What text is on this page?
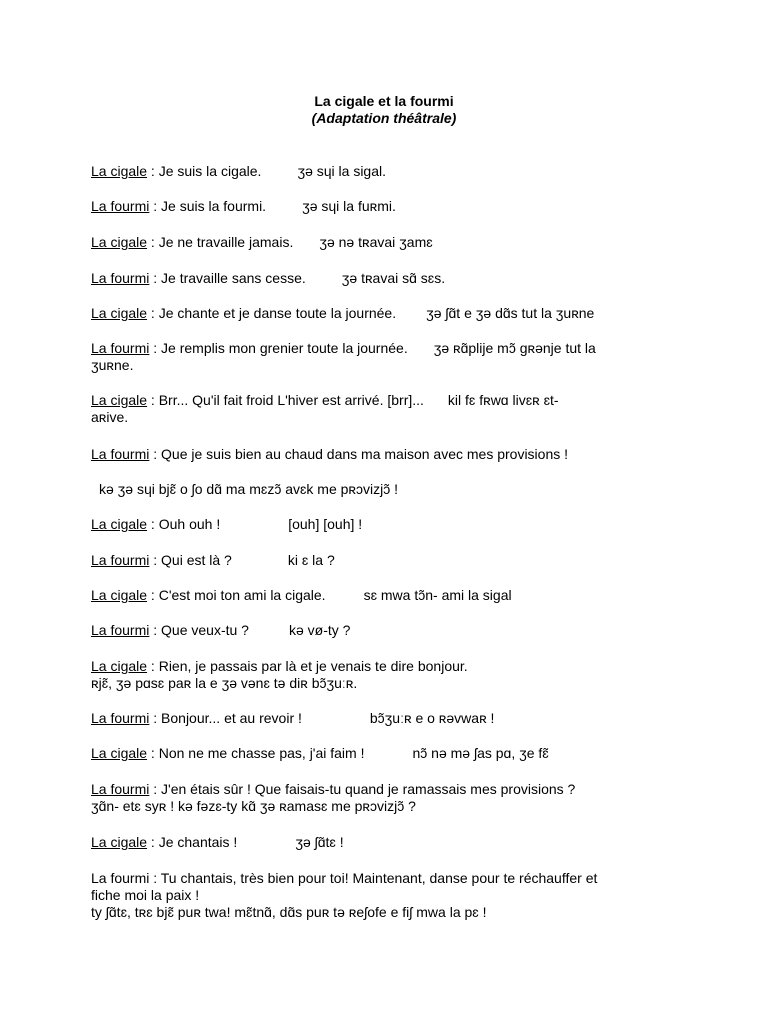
La cigale et la fourmi
(Adaptation théâtrale)
La cigale : Je suis la cigale.	ʒə sɥi la sigal.
La fourmi : Je suis la fourmi.	ʒə sɥi la fuʀmi.
La cigale : Je ne travaille jamais. ʒə nə tʀavai ʒamɛ
La fourmi : Je travaille sans cesse.	ʒə tʀavai sɑ̃ sɛs.
La cigale : Je chante et je danse toute la journée. ʒə ʃɑ̃t e ʒə dɑ̃s tut la ʒuʀne
La fourmi : Je remplis mon grenier toute la journée. ʒə ʀɑ̃plije mɔ̃ gʀənje tut la
ʒuʀne.
La cigale : Brr... Qu'il fait froid L'hiver est arrivé. [brr]... kil fɛ fʀwɑ livɛʀ ɛt-
aʀive.
La fourmi : Que je suis bien au chaud dans ma maison avec mes provisions !
kə ʒə sɥi bjɛ̃ o ʃo dɑ̃ ma mɛzɔ̃ avɛk me pʀɔvizjɔ̃ !
La cigale : Ouh ouh !	[ouh] [ouh] !
La fourmi : Qui est là ?	ki ɛ la ?
La cigale : C'est moi ton ami la cigale.	sɛ mwa tɔ̃n- ami la sigal
La fourmi : Que veux-tu ?	kə vø-ty ?
La cigale : Rien, je passais par là et je venais te dire bonjour.
ʀjɛ̃, ʒə pɑsɛ paʀ la e ʒə vənɛ tə diʀ bɔ̃ʒuːʀ.
La fourmi : Bonjour... et au revoir !	bɔ̃ʒuːʀ e o ʀəvwaʀ !
La cigale : Non ne me chasse pas, j'ai faim !	nɔ̃ nə mə ʃas pɑ, ʒe fɛ̃
La fourmi : J'en étais sûr ! Que faisais-tu quand je ramassais mes provisions ?
ʒɑ̃n- etɛ syʀ ! kə fəzɛ-ty kɑ̃ ʒə ʀamasɛ me pʀɔvizjɔ̃ ?
La cigale : Je chantais !	ʒə ʃɑ̃tɛ !
La fourmi : Tu chantais, très bien pour toi! Maintenant, danse pour te réchauffer et
fiche moi la paix !
ty ʃɑ̃tɛ, tʀɛ bjɛ̃ puʀ twa! mɛ̃tnɑ̃, dɑ̃s puʀ tə ʀeʃofe e fiʃ mwa la pɛ !
